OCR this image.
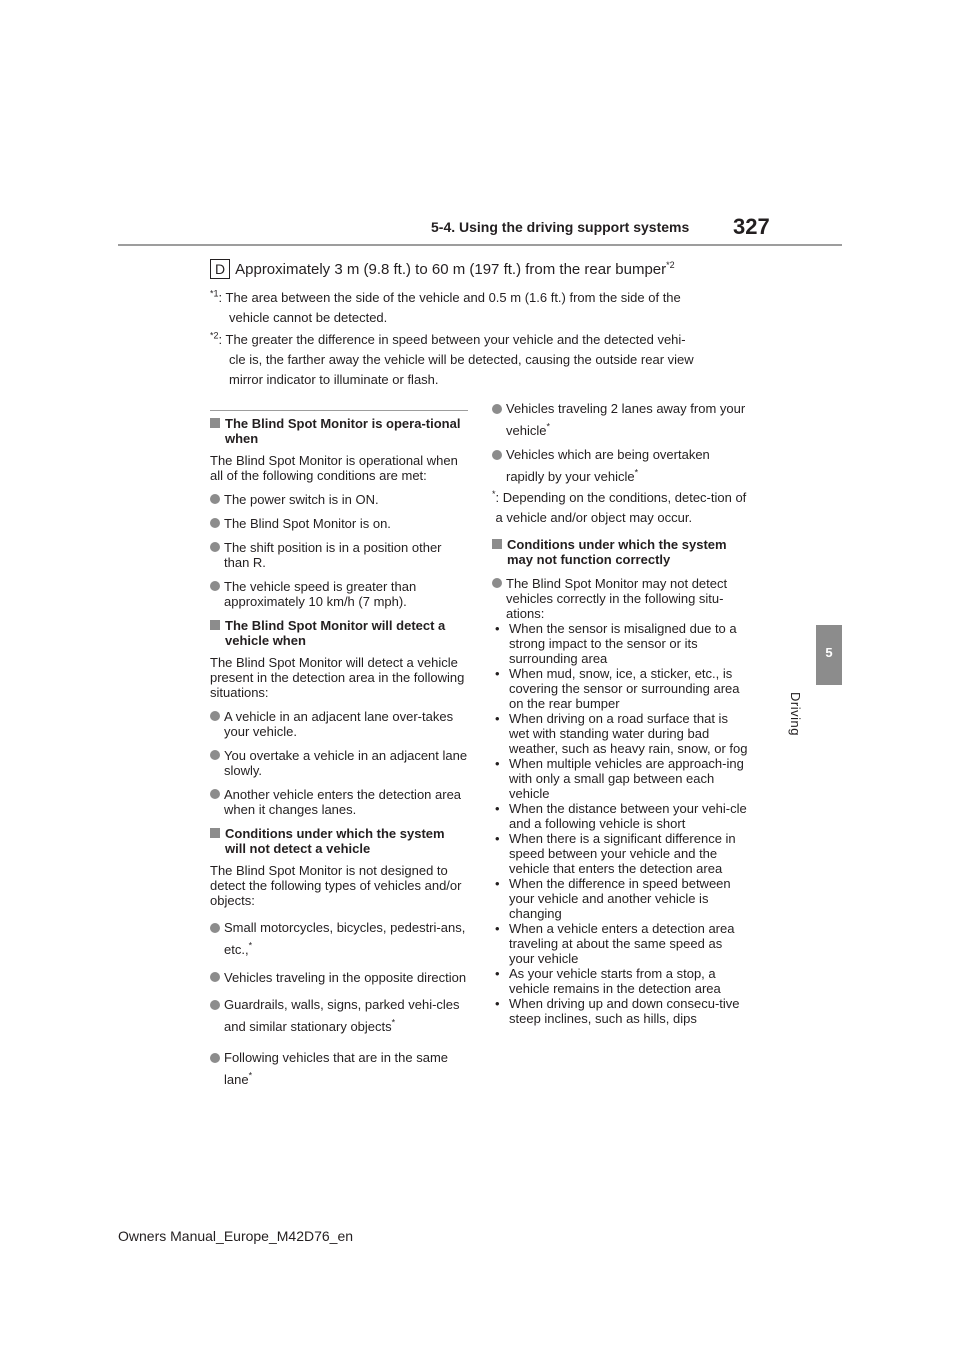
5-4. Using the driving support systems 327
5
Driving
D Approximately 3 m (9.8 ft.) to 60 m (197 ft.) from the rear bumper$^{*2}$
$^{*1}$: The area between the side of the vehicle and 0.5 m (1.6 ft.) from the side of the
vehicle cannot be detected.
$^{*2}$: The greater the difference in speed between your vehicle and the detected vehi-
cle is, the farther away the vehicle will be detected, causing the outside rear view
mirror indicator to illuminate or flash.

The Blind Spot Monitor is opera-tional when

The Blind Spot Monitor is operational when all of the following conditions are met:

The power switch is in ON.

The Blind Spot Monitor is on.

The shift position is in a position other than R.

The vehicle speed is greater than approximately 10 km/h (7 mph).

The Blind Spot Monitor will detect a vehicle when

The Blind Spot Monitor will detect a vehicle present in the detection area in the following situations:

A vehicle in an adjacent lane over-takes your vehicle.

You overtake a vehicle in an adjacent lane slowly.

Another vehicle enters the detection area when it changes lanes.

Conditions under which the system will not detect a vehicle

The Blind Spot Monitor is not designed to detect the following types of vehicles and/or objects:

Small motorcycles, bicycles, pedestri-ans, etc.,*

Vehicles traveling in the opposite direction

Guardrails, walls, signs, parked vehi-cles and similar stationary objects*

Following vehicles that are in the same lane*

Vehicles traveling 2 lanes away from your vehicle*

Vehicles which are being overtaken rapidly by your vehicle*

* : Depending on the conditions, detec-tion of a vehicle and/or object may occur.

Conditions under which the system may not function correctly

The Blind Spot Monitor may not detect vehicles correctly in the following situ-ations:

• When the sensor is misaligned due to a strong impact to the sensor or its surrounding area

• When mud, snow, ice, a sticker, etc., is covering the sensor or surrounding area on the rear bumper

• When driving on a road surface that is wet with standing water during bad weather, such as heavy rain, snow, or fog

• When multiple vehicles are approach-ing with only a small gap between each vehicle

• When the distance between your vehi-cle and a following vehicle is short

• When there is a significant difference in speed between your vehicle and the vehicle that enters the detection area

• When the difference in speed between your vehicle and another vehicle is changing

• When a vehicle enters a detection area traveling at about the same speed as your vehicle

• As your vehicle starts from a stop, a vehicle remains in the detection area

• When driving up and down consecu-tive steep inclines, such as hills, dips

Owners Manual_Europe_M42D76_en
